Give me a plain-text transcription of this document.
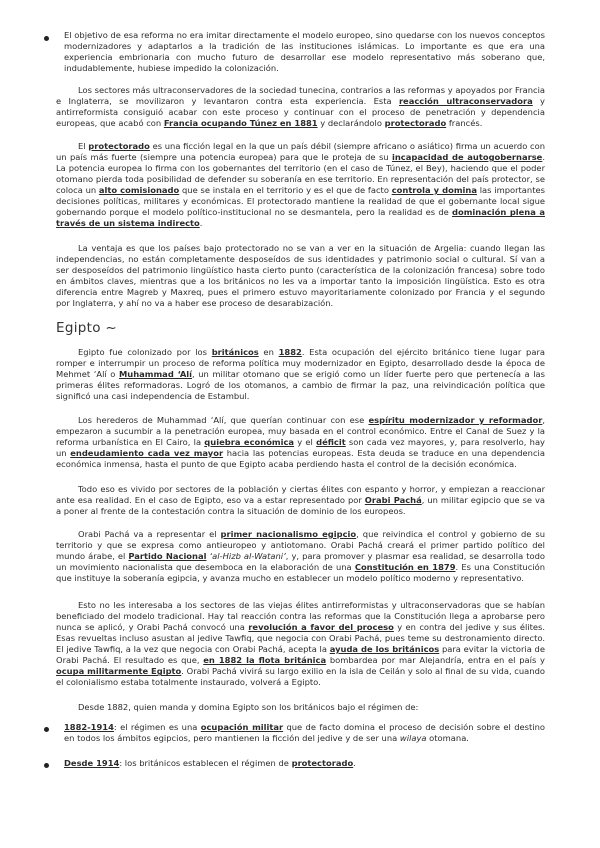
El objetivo de esa reforma no era imitar directamente el modelo europeo, sino quedarse con los nuevos conceptos modernizadores y adaptarlos a la tradición de las instituciones islámicas. Lo importante es que era una experiencia embrionaria con mucho futuro de desarrollar ese modelo representativo más soberano que, indudablemente, hubiese impedido la colonización.

Los sectores más ultraconservadores de la sociedad tunecina, contrarios a las reformas y apoyados por Francia e Inglaterra, se movilizaron y levantaron contra esta experiencia. Esta reacción ultraconservadora y antirreformista consiguió acabar con este proceso y continuar con el proceso de penetración y dependencia europeas, que acabó con Francia ocupando Túnez en 1881 y declarándolo protectorado francés.

El protectorado es una ficción legal en la que un país débil (siempre africano o asiático) firma un acuerdo con un país más fuerte (siempre una potencia europea) para que le proteja de su incapacidad de autogobernarse. La potencia europea lo firma con los gobernantes del territorio (en el caso de Túnez, el Bey), haciendo que el poder otomano pierda toda posibilidad de defender su soberanía en ese territorio. En representación del país protector, se coloca un alto comisionado que se instala en el territorio y es el que de facto controla y domina las importantes decisiones políticas, militares y económicas. El protectorado mantiene la realidad de que el gobernante local sigue gobernando porque el modelo político-institucional no se desmantela, pero la realidad es de dominación plena a través de un sistema indirecto.

La ventaja es que los países bajo protectorado no se van a ver en la situación de Argelia: cuando llegan las independencias, no están completamente desposeídos de sus identidades y patrimonio social o cultural. Sí van a ser desposeídos del patrimonio lingüístico hasta cierto punto (característica de la colonización francesa) sobre todo en ámbitos claves, mientras que a los británicos no les va a importar tanto la imposición lingüística. Esto es otra diferencia entre Magreb y Maxreq, pues el primero estuvo mayoritariamente colonizado por Francia y el segundo por Inglaterra, y ahí no va a haber ese proceso de desarabización.

Egipto ~

Egipto fue colonizado por los británicos en 1882. Esta ocupación del ejército británico tiene lugar para romper e interrumpir un proceso de reforma política muy modernizador en Egipto, desarrollado desde la época de Mehmet ‘Alí o Muhammad ‘Alí, un militar otomano que se erigió como un líder fuerte pero que pertenecía a las primeras élites reformadoras. Logró de los otomanos, a cambio de firmar la paz, una reivindicación política que significó una casi independencia de Estambul.

Los herederos de Muhammad ‘Alí, que querían continuar con ese espíritu modernizador y reformador, empezaron a sucumbir a la penetración europea, muy basada en el control económico. Entre el Canal de Suez y la reforma urbanística en El Cairo, la quiebra económica y el déficit son cada vez mayores, y, para resolverlo, hay un endeudamiento cada vez mayor hacia las potencias europeas. Esta deuda se traduce en una dependencia económica inmensa, hasta el punto de que Egipto acaba perdiendo hasta el control de la decisión económica.

Todo eso es vivido por sectores de la población y ciertas élites con espanto y horror, y empiezan a reaccionar ante esa realidad. En el caso de Egipto, eso va a estar representado por Orabi Pachá, un militar egipcio que se va a poner al frente de la contestación contra la situación de dominio de los europeos.

Orabi Pachá va a representar el primer nacionalismo egipcio, que reivindica el control y gobierno de su territorio y que se expresa como antieuropeo y antiotomano. Orabi Pachá creará el primer partido político del mundo árabe, el Partido Nacional ‘al-Hizb al-Watani’, y, para promover y plasmar esa realidad, se desarrolla todo un movimiento nacionalista que desemboca en la elaboración de una Constitución en 1879. Es una Constitución que instituye la soberanía egipcia, y avanza mucho en establecer un modelo político moderno y representativo.

Esto no les interesaba a los sectores de las viejas élites antirreformistas y ultraconservadoras que se habían beneficiado del modelo tradicional. Hay tal reacción contra las reformas que la Constitución llega a aprobarse pero nunca se aplicó, y Orabi Pachá convocó una revolución a favor del proceso y en contra del jedive y sus élites. Esas revueltas incluso asustan al jedive Tawfiq, que negocia con Orabi Pachá, pues teme su destronamiento directo. El jedive Tawfiq, a la vez que negocia con Orabi Pachá, acepta la ayuda de los británicos para evitar la victoria de Orabi Pachá. El resultado es que, en 1882 la flota británica bombardea por mar Alejandría, entra en el país y ocupa militarmente Egipto. Orabi Pachá vivirá su largo exilio en la isla de Ceilán y solo al final de su vida, cuando el colonialismo estaba totalmente instaurado, volverá a Egipto.

Desde 1882, quien manda y domina Egipto son los británicos bajo el régimen de:

1882-1914: el régimen es una ocupación militar que de facto domina el proceso de decisión sobre el destino en todos los ámbitos egipcios, pero mantienen la ficción del jedive y de ser una wilaya otomana.

Desde 1914: los británicos establecen el régimen de protectorado.
